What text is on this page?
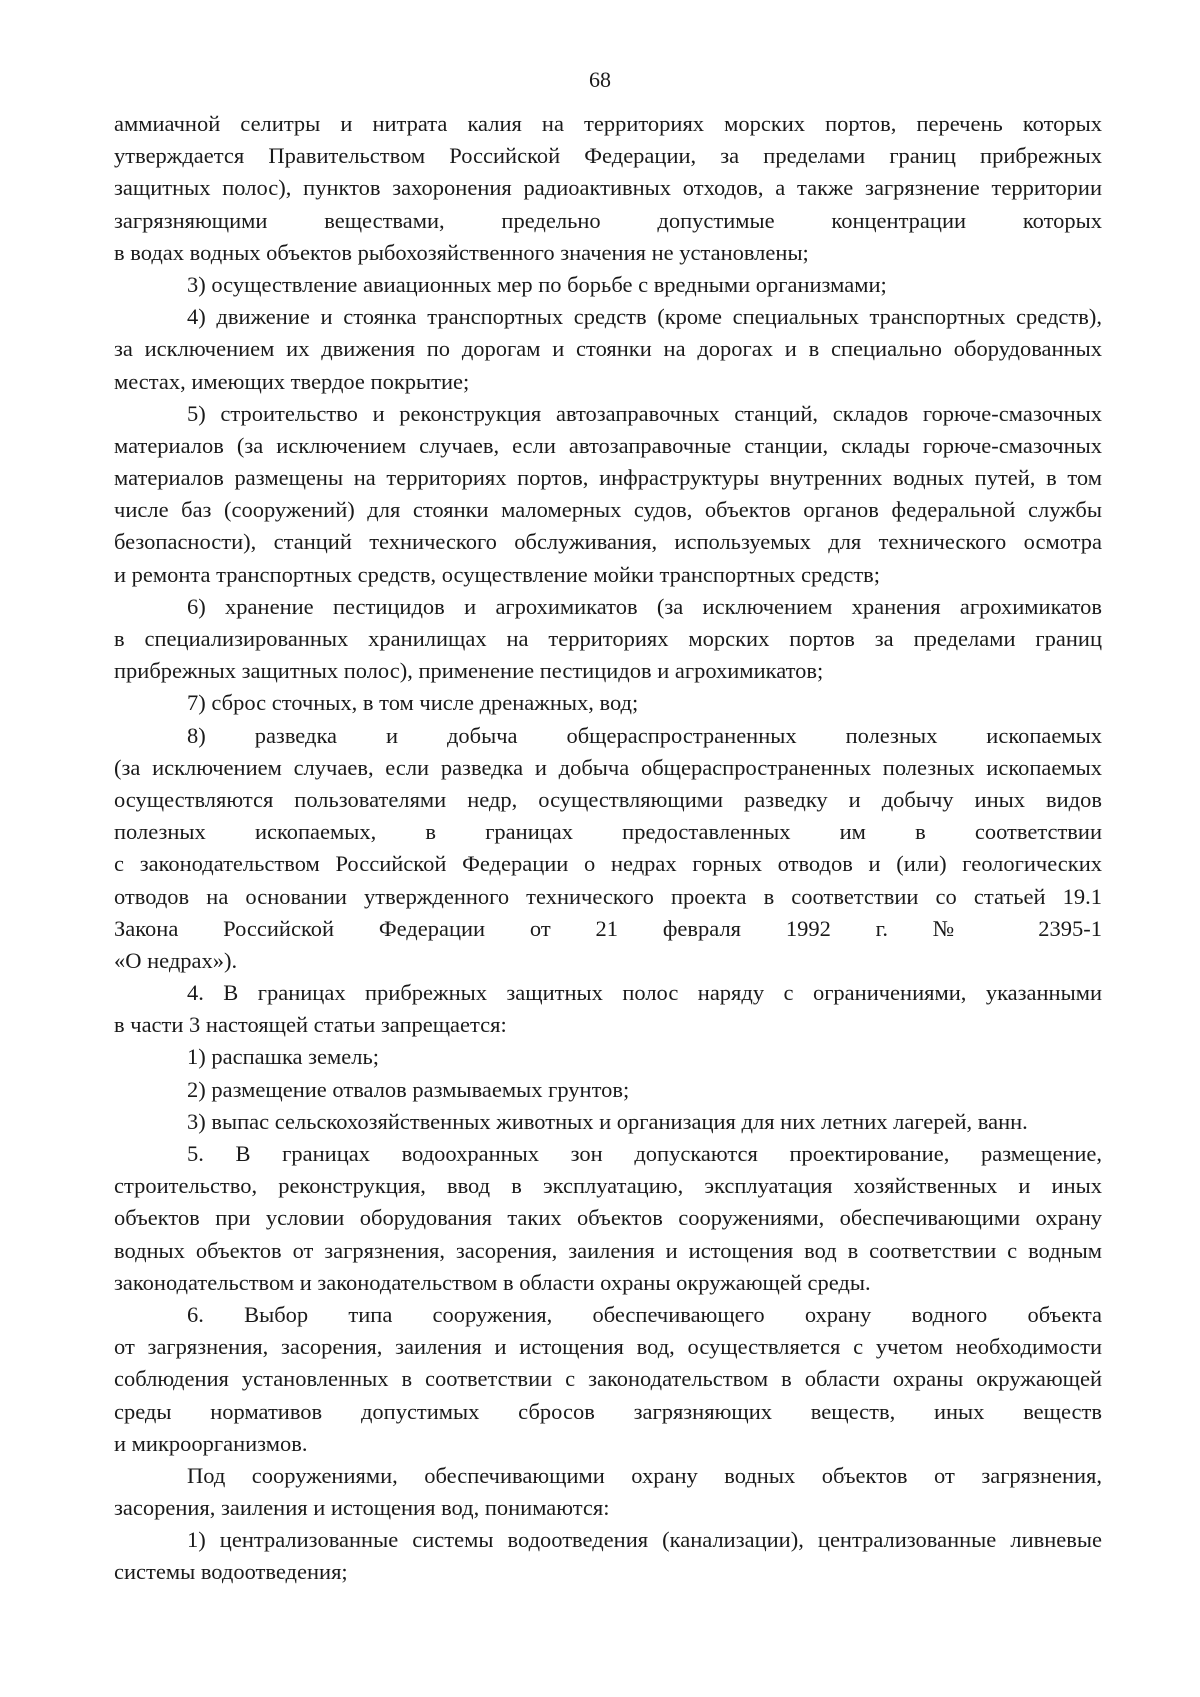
68
аммиачной селитры и нитрата калия на территориях морских портов, перечень которых
утверждается Правительством Российской Федерации, за пределами границ прибрежных
защитных полос), пунктов захоронения радиоактивных отходов, а также загрязнение территории
загрязняющими веществами, предельно допустимые концентрации которых
в водах водных объектов рыбохозяйственного значения не установлены;
3) осуществление авиационных мер по борьбе с вредными организмами;
4) движение и стоянка транспортных средств (кроме специальных транспортных средств),
за исключением их движения по дорогам и стоянки на дорогах и в специально оборудованных
местах, имеющих твердое покрытие;
5) строительство и реконструкция автозаправочных станций, складов горюче-смазочных
материалов (за исключением случаев, если автозаправочные станции, склады горюче-смазочных
материалов размещены на территориях портов, инфраструктуры внутренних водных путей, в том
числе баз (сооружений) для стоянки маломерных судов, объектов органов федеральной службы
безопасности), станций технического обслуживания, используемых для технического осмотра
и ремонта транспортных средств, осуществление мойки транспортных средств;
6) хранение пестицидов и агрохимикатов (за исключением хранения агрохимикатов
в специализированных хранилищах на территориях морских портов за пределами границ
прибрежных защитных полос), применение пестицидов и агрохимикатов;
7) сброс сточных, в том числе дренажных, вод;
8) разведка и добыча общераспространенных полезных ископаемых
(за исключением случаев, если разведка и добыча общераспространенных полезных ископаемых
осуществляются пользователями недр, осуществляющими разведку и добычу иных видов
полезных ископаемых, в границах предоставленных им в соответствии
с законодательством Российской Федерации о недрах горных отводов и (или) геологических
отводов на основании утвержденного технического проекта в соответствии со статьей 19.1
Закона Российской Федерации от 21 февраля 1992 г. № 2395-1
«О недрах»).
4. В границах прибрежных защитных полос наряду с ограничениями, указанными
в части 3 настоящей статьи запрещается:
1) распашка земель;
2) размещение отвалов размываемых грунтов;
3) выпас сельскохозяйственных животных и организация для них летних лагерей, ванн.
5. В границах водоохранных зон допускаются проектирование, размещение,
строительство, реконструкция, ввод в эксплуатацию, эксплуатация хозяйственных и иных
объектов при условии оборудования таких объектов сооружениями, обеспечивающими охрану
водных объектов от загрязнения, засорения, заиления и истощения вод в соответствии с водным
законодательством и законодательством в области охраны окружающей среды.
6. Выбор типа сооружения, обеспечивающего охрану водного объекта
от загрязнения, засорения, заиления и истощения вод, осуществляется с учетом необходимости
соблюдения установленных в соответствии с законодательством в области охраны окружающей
среды нормативов допустимых сбросов загрязняющих веществ, иных веществ
и микроорганизмов.
Под сооружениями, обеспечивающими охрану водных объектов от загрязнения,
засорения, заиления и истощения вод, понимаются:
1) централизованные системы водоотведения (канализации), централизованные ливневые
системы водоотведения;
